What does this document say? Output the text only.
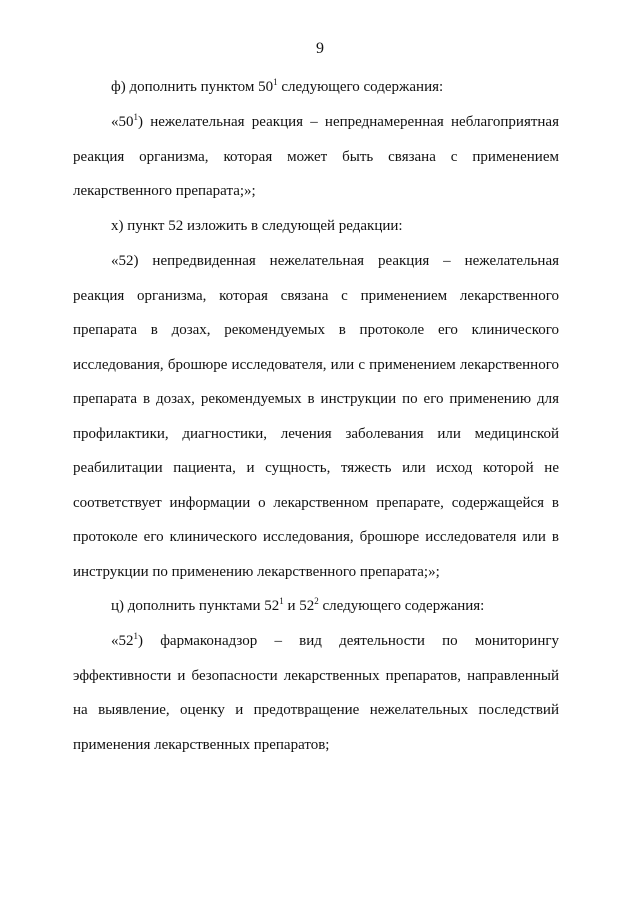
9
ф) дополнить пунктом $50^1$ следующего содержания:
«$50^1$) нежелательная реакция – непреднамеренная неблагоприятная реакция организма, которая может быть связана с применением лекарственного препарата;»;
х) пункт 52 изложить в следующей редакции:
«52) непредвиденная нежелательная реакция – нежелательная реакция организма, которая связана с применением лекарственного препарата в дозах, рекомендуемых в протоколе его клинического исследования, брошюре исследователя, или с применением лекарственного препарата в дозах, рекомендуемых в инструкции по его применению для профилактики, диагностики, лечения заболевания или медицинской реабилитации пациента, и сущность, тяжесть или исход которой не соответствует информации о лекарственном препарате, содержащейся в протоколе его клинического исследования, брошюре исследователя или в инструкции по применению лекарственного препарата;»;
ц) дополнить пунктами $52^1$ и $52^2$ следующего содержания:
«$52^1$) фармаконадзор – вид деятельности по мониторингу эффективности и безопасности лекарственных препаратов, направленный на выявление, оценку и предотвращение нежелательных последствий применения лекарственных препаратов;
